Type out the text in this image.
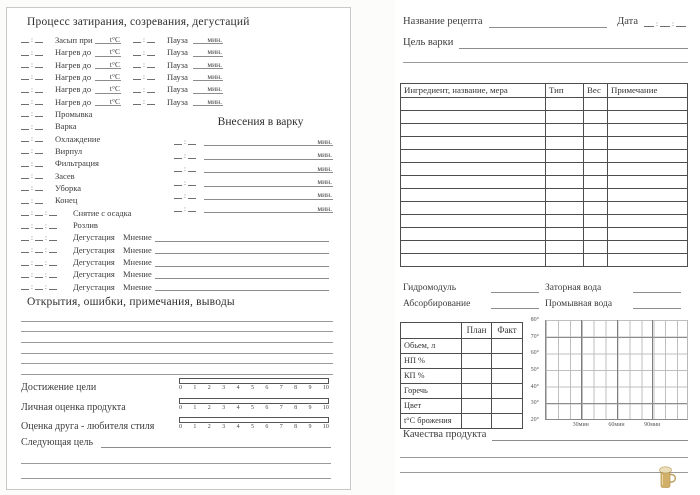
Процесс затирания, созревания, дегустаций
:	Засып при	t°C	:	Пауза	мин.
:	Нагрев до	t°C	:	Пауза	мин.
:	Нагрев до	t°C	:	Пауза	мин.
:	Нагрев до	t°C	:	Пауза	мин.
:	Нагрев до	t°C	:	Пауза	мин.
:	Нагрев до	t°C	:	Пауза	мин.
:	Промывка
:	Варка
:	Охлаждение
:	Вирпул
:	Фильтрация
:	Засев
:	Уборка
:	Конец
: :	Снятие с осадка
: :	Розлив
: :	Дегустация Мнение
: :	Дегустация Мнение
: :	Дегустация Мнение
: :	Дегустация Мнение
: :	Дегустация Мнение
Внесения в варку
:	мин.
:	мин.
:	мин.
:	мин.
:	мин.
:	мин.
Открытия, ошибки, примечания, выводы
Достижение цели	0 1 2 3 4 5 6 7 8 9 10
Личная оценка продукта	0 1 2 3 4 5 6 7 8 9 10
Оценка друга - любителя стиля	0 1 2 3 4 5 6 7 8 9 10
Следующая цель
Название рецепта	Дата	: :
Цель варки
Ингредиент, название, мера	Тип	Вес	Примечание
Гидромодуль	Заторная вода
Абсорбирование	Промывная вода
План	Факт
Обьем, л
НП %
КП %
Горечь
Цвет
t°C брожения
80°
70°
60°
50°
40°
30°
20°
30мин	60мин	90мин
Качества продукта
